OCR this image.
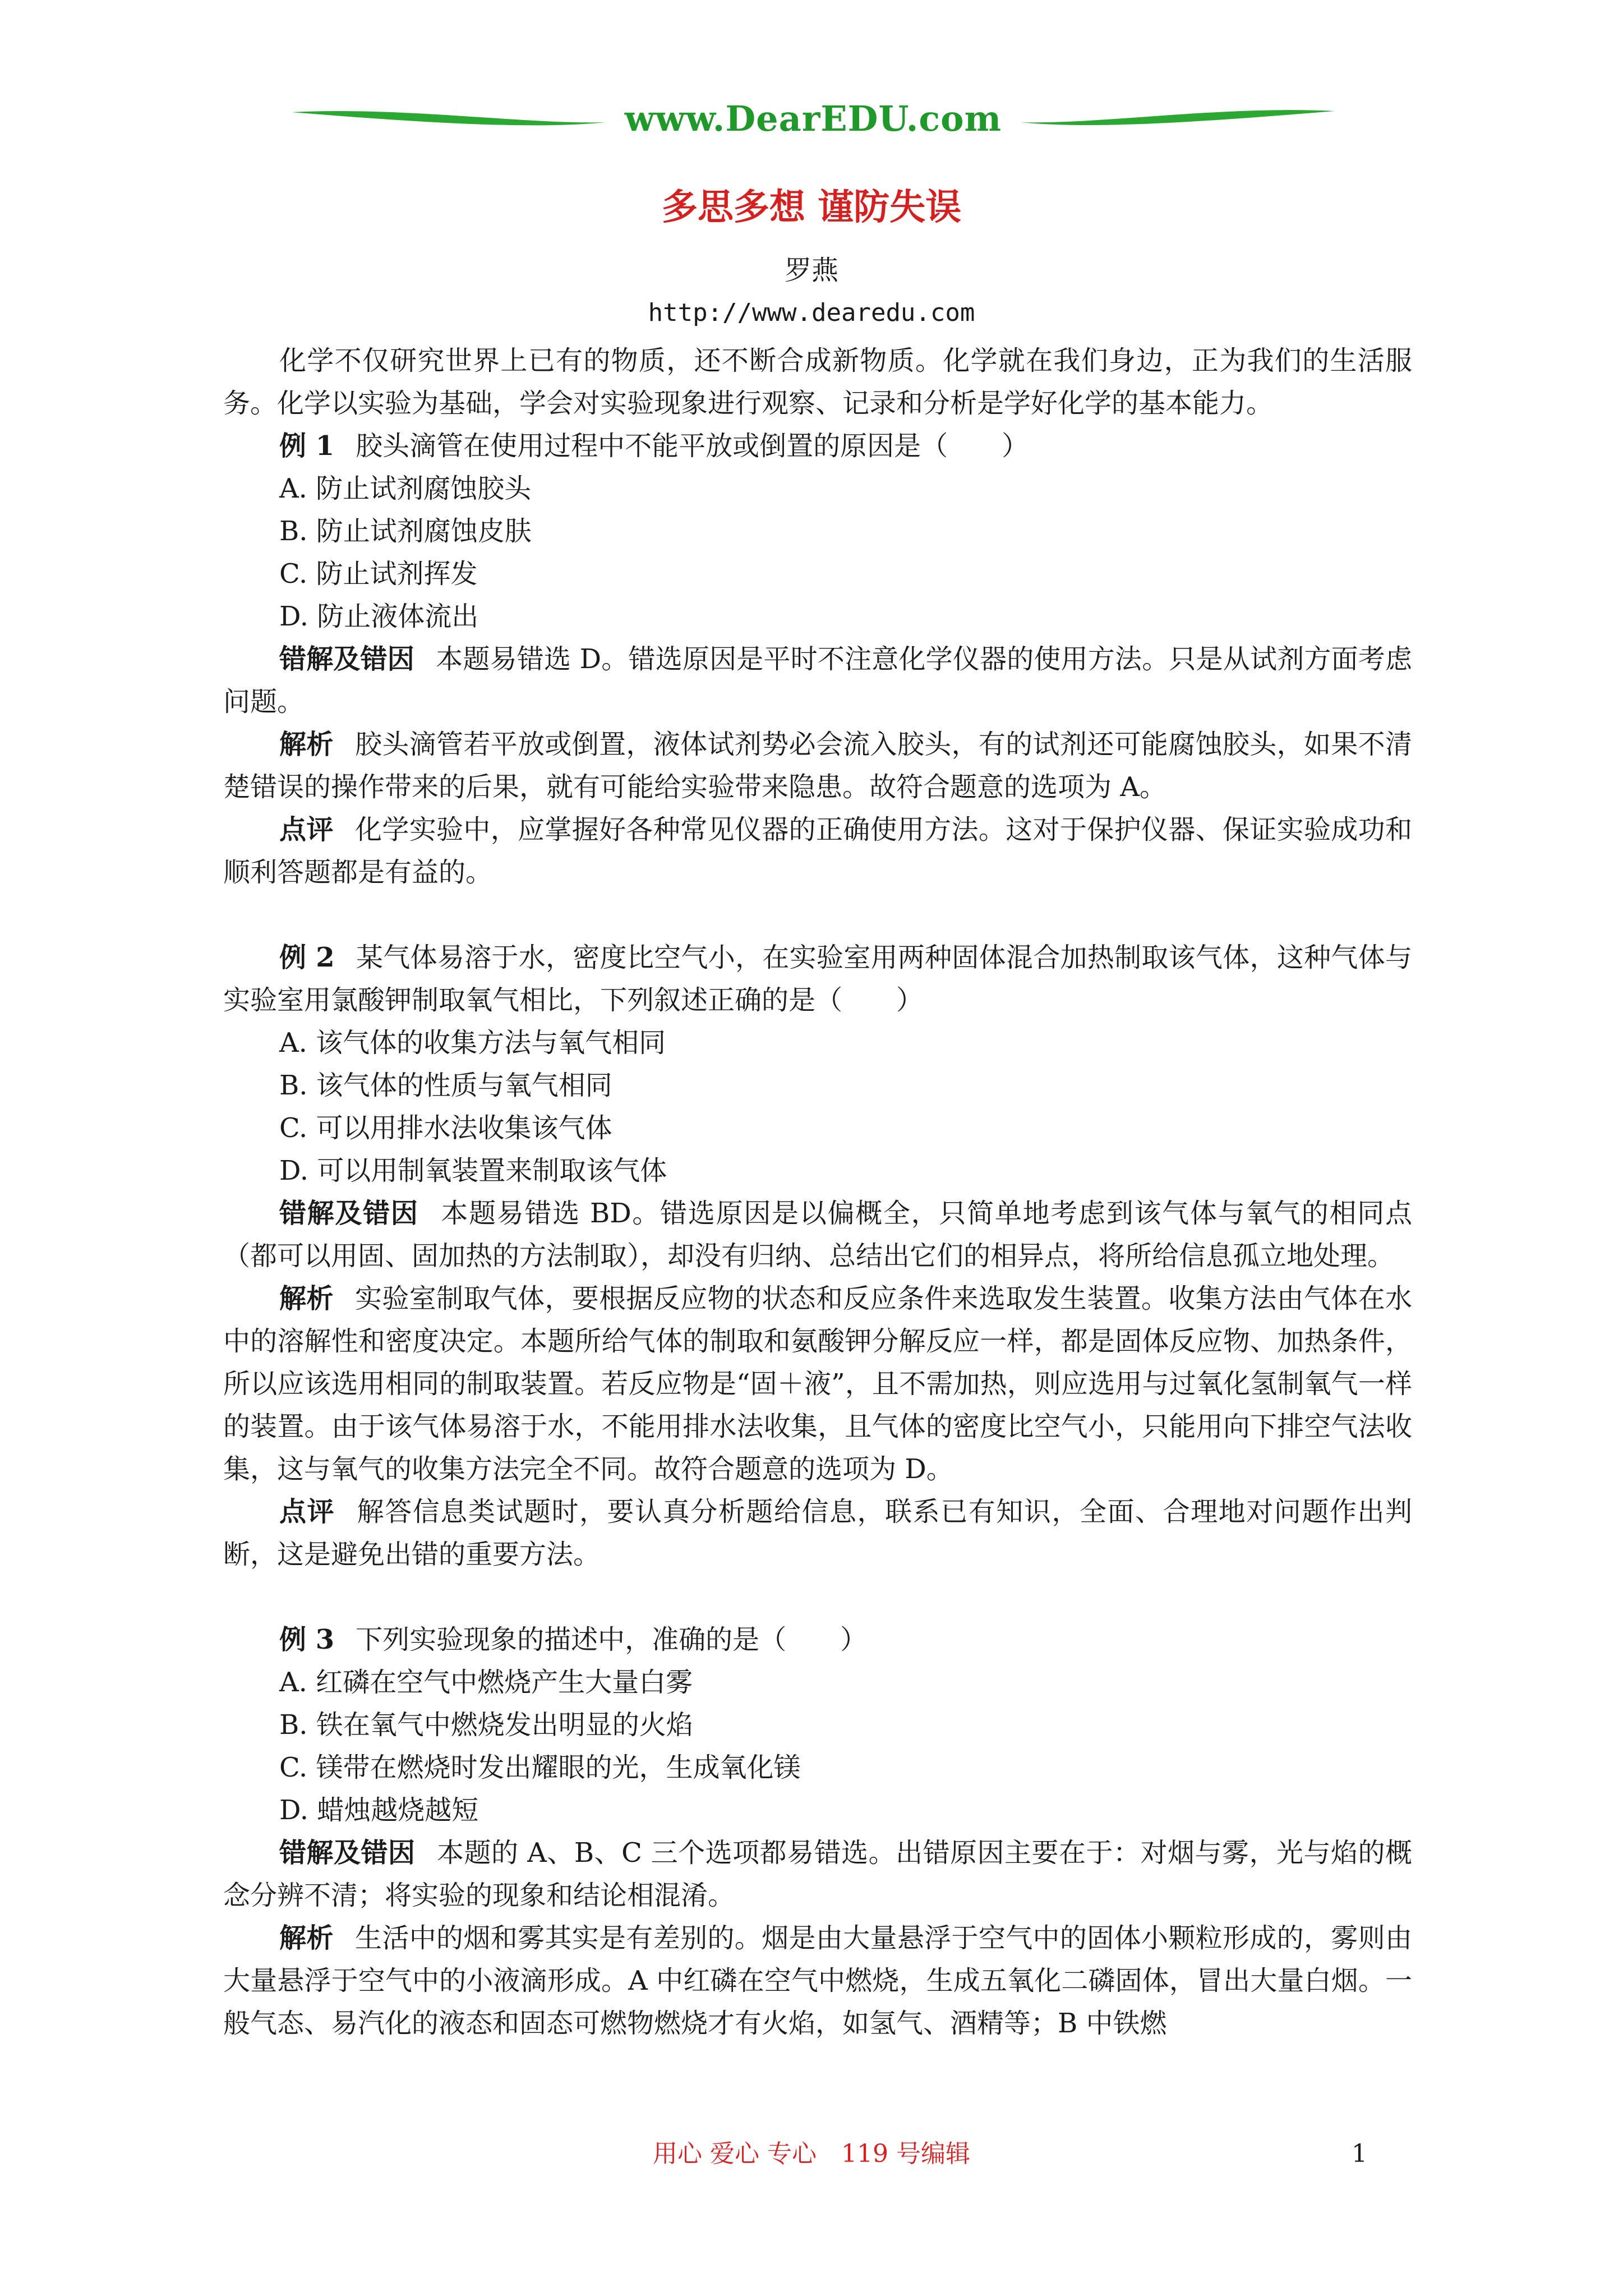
www.DearEDU.com
多思多想 谨防失误
罗燕
http://www.dearedu.com

化学不仅研究世界上已有的物质，还不断合成新物质。化学就在我们身边，正为我们的生活服务。化学以实验为基础，学会对实验现象进行观察、记录和分析是学好化学的基本能力。

例 1 胶头滴管在使用过程中不能平放或倒置的原因是（　　）

A. 防止试剂腐蚀胶头

B. 防止试剂腐蚀皮肤

C. 防止试剂挥发

D. 防止液体流出

错解及错因 本题易错选 D。错选原因是平时不注意化学仪器的使用方法。只是从试剂方面考虑问题。

解析 胶头滴管若平放或倒置，液体试剂势必会流入胶头，有的试剂还可能腐蚀胶头，如果不清楚错误的操作带来的后果，就有可能给实验带来隐患。故符合题意的选项为 A。

点评 化学实验中，应掌握好各种常见仪器的正确使用方法。这对于保护仪器、保证实验成功和顺利答题都是有益的。

例 2 某气体易溶于水，密度比空气小，在实验室用两种固体混合加热制取该气体，这种气体与实验室用氯酸钾制取氧气相比，下列叙述正确的是（　　）

A. 该气体的收集方法与氧气相同

B. 该气体的性质与氧气相同

C. 可以用排水法收集该气体

D. 可以用制氧装置来制取该气体

错解及错因 本题易错选 BD。错选原因是以偏概全，只简单地考虑到该气体与氧气的相同点（都可以用固、固加热的方法制取），却没有归纳、总结出它们的相异点，将所给信息孤立地处理。

解析 实验室制取气体，要根据反应物的状态和反应条件来选取发生装置。收集方法由气体在水中的溶解性和密度决定。本题所给气体的制取和氨酸钾分解反应一样，都是固体反应物、加热条件，所以应该选用相同的制取装置。若反应物是“固＋液”，且不需加热，则应选用与过氧化氢制氧气一样的装置。由于该气体易溶于水，不能用排水法收集，且气体的密度比空气小，只能用向下排空气法收集，这与氧气的收集方法完全不同。故符合题意的选项为 D。

点评 解答信息类试题时，要认真分析题给信息，联系已有知识，全面、合理地对问题作出判断，这是避免出错的重要方法。

例 3 下列实验现象的描述中，准确的是（　　）

A. 红磷在空气中燃烧产生大量白雾

B. 铁在氧气中燃烧发出明显的火焰

C. 镁带在燃烧时发出耀眼的光，生成氧化镁

D. 蜡烛越烧越短

错解及错因 本题的 A、B、C 三个选项都易错选。出错原因主要在于：对烟与雾，光与焰的概念分辨不清；将实验的现象和结论相混淆。

解析 生活中的烟和雾其实是有差别的。烟是由大量悬浮于空气中的固体小颗粒形成的，雾则由大量悬浮于空气中的小液滴形成。A 中红磷在空气中燃烧，生成五氧化二磷固体，冒出大量白烟。一般气态、易汽化的液态和固态可燃物燃烧才有火焰，如氢气、酒精等；B 中铁燃

用心 爱心 专心　119 号编辑	1
